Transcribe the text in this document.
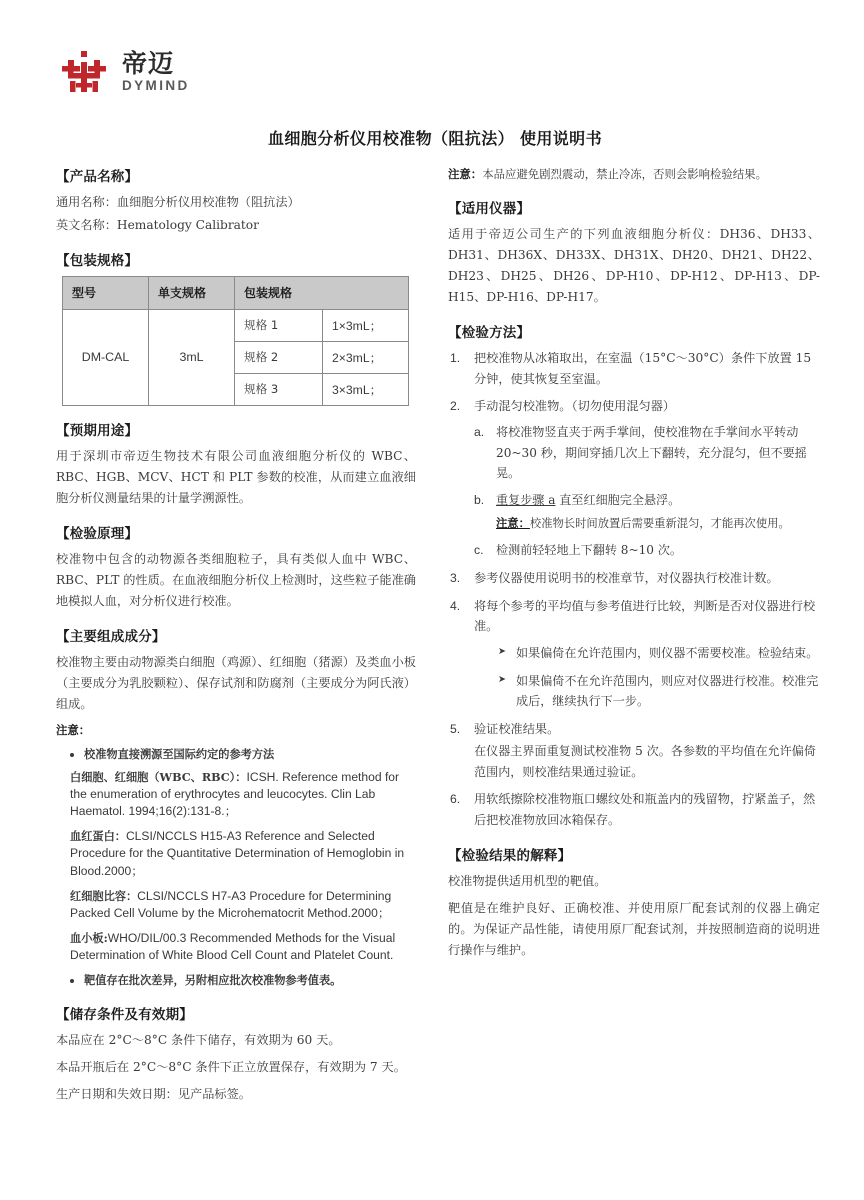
帝迈
DYMIND
血细胞分析仪用校准物（阻抗法） 使用说明书
【产品名称】

通用名称：血细胞分析仪用校准物（阻抗法）

英文名称：Hematology Calibrator

【包装规格】
型号	单支规格	包装规格	
DM-CAL	3mL	规格 1	1×3mL；
		规格 2	2×3mL；
		规格 3	3×3mL；
【预期用途】

用于深圳市帝迈生物技术有限公司血液细胞分析仪的 WBC、RBC、HGB、MCV、HCT 和 PLT 参数的校准，从而建立血液细胞分析仪测量结果的计量学溯源性。

【检验原理】

校准物中包含的动物源各类细胞粒子，具有类似人血中 WBC、RBC、PLT 的性质。在血液细胞分析仪上检测时，这些粒子能准确地模拟人血，对分析仪进行校准。

【主要组成成分】

校准物主要由动物源类白细胞（鸡源）、红细胞（猪源）及类血小板（主要成分为乳胶颗粒）、保存试剂和防腐剂（主要成分为阿氏液）组成。

注意：

校准物直接溯源至国际约定的参考方法
白细胞、红细胞（WBC、RBC）：ICSH. Reference method for the enumeration of erythrocytes and leucocytes. Clin Lab Haematol. 1994;16(2):131-8.；
血红蛋白：CLSI/NCCLS H15-A3 Reference and Selected Procedure for the Quantitative Determination of Hemoglobin in Blood.2000；
红细胞比容：CLSI/NCCLS H7-A3 Procedure for Determining Packed Cell Volume by the Microhematocrit Method.2000；
血小板:WHO/DIL/00.3 Recommended Methods for the Visual Determination of White Blood Cell Count and Platelet Count.
靶值存在批次差异，另附相应批次校准物参考值表。
【储存条件及有效期】

本品应在 2°C～8°C 条件下储存，有效期为 60 天。

本品开瓶后在 2°C～8°C 条件下正立放置保存，有效期为 7 天。

生产日期和失效日期：见产品标签。

注意：本品应避免剧烈震动，禁止冷冻，否则会影响检验结果。

【适用仪器】

适用于帝迈公司生产的下列血液细胞分析仪：DH36、DH33、DH31、DH36X、DH33X、DH31X、DH20、DH21、DH22、DH23、DH25、DH26、DP-H10、DP-H12、DP-H13、DP-H15、DP-H16、DP-H17。

【检验方法】
1. 把校准物从冰箱取出，在室温（15°C～30°C）条件下放置 15 分钟，使其恢复至室温。
2. 手动混匀校准物。（切勿使用混匀器）
a. 将校准物竖直夹于两手掌间，使校准物在手掌间水平转动 20~30 秒，期间穿插几次上下翻转，充分混匀，但不要摇晃。
b. 重复步骤 a 直至红细胞完全悬浮。
注意：校准物长时间放置后需要重新混匀，才能再次使用。
c. 检测前轻轻地上下翻转 8~10 次。
3. 参考仪器使用说明书的校准章节，对仪器执行校准计数。
4. 将每个参考的平均值与参考值进行比较，判断是否对仪器进行校准。
➤ 如果偏倚在允许范围内，则仪器不需要校准。检验结束。
➤ 如果偏倚不在允许范围内，则应对仪器进行校准。校准完成后，继续执行下一步。
5. 验证校准结果。
在仪器主界面重复测试校准物 5 次。各参数的平均值在允许偏倚范围内，则校准结果通过验证。
6. 用软纸擦除校准物瓶口螺纹处和瓶盖内的残留物，拧紧盖子，然后把校准物放回冰箱保存。
【检验结果的解释】

校准物提供适用机型的靶值。

靶值是在维护良好、正确校准、并使用原厂配套试剂的仪器上确定的。为保证产品性能，请使用原厂配套试剂，并按照制造商的说明进行操作与维护。
